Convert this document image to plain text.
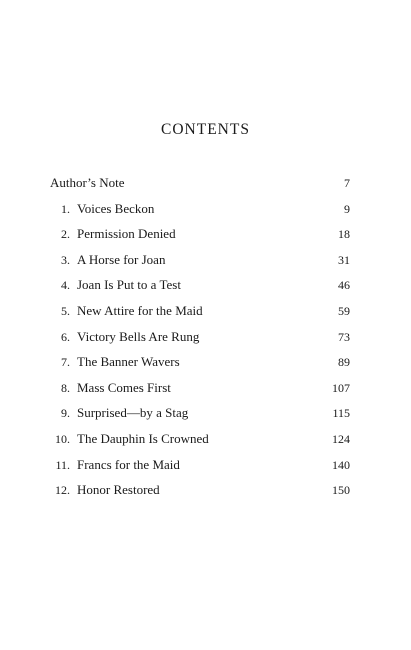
CONTENTS
Author’s Note	7
1. Voices Beckon	9
2. Permission Denied	18
3. A Horse for Joan	31
4. Joan Is Put to a Test	46
5. New Attire for the Maid	59
6. Victory Bells Are Rung	73
7. The Banner Wavers	89
8. Mass Comes First	107
9. Surprised—by a Stag	115
10. The Dauphin Is Crowned	124
11. Francs for the Maid	140
12. Honor Restored	150
